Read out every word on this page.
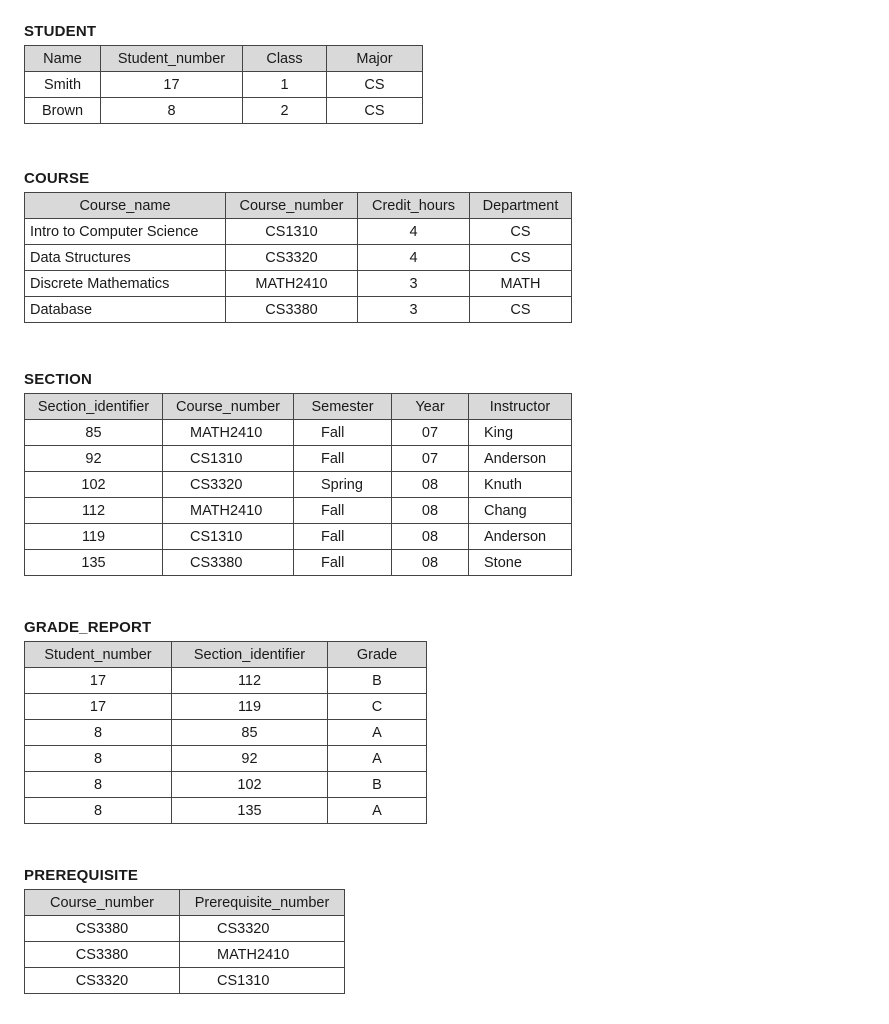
STUDENT
Name	Student_number	Class	Major
Smith	17	1	CS
Brown	8	2	CS
COURSE
Course_name	Course_number	Credit_hours	Department
Intro to Computer Science	CS1310	4	CS
Data Structures	CS3320	4	CS
Discrete Mathematics	MATH2410	3	MATH
Database	CS3380	3	CS
SECTION
Section_identifier	Course_number	Semester	Year	Instructor
85	MATH2410	Fall	07	King
92	CS1310	Fall	07	Anderson
102	CS3320	Spring	08	Knuth
112	MATH2410	Fall	08	Chang
119	CS1310	Fall	08	Anderson
135	CS3380	Fall	08	Stone
GRADE_REPORT
Student_number	Section_identifier	Grade
17	112	B
17	119	C
8	85	A
8	92	A
8	102	B
8	135	A
PREREQUISITE
Course_number	Prerequisite_number
CS3380	CS3320
CS3380	MATH2410
CS3320	CS1310
